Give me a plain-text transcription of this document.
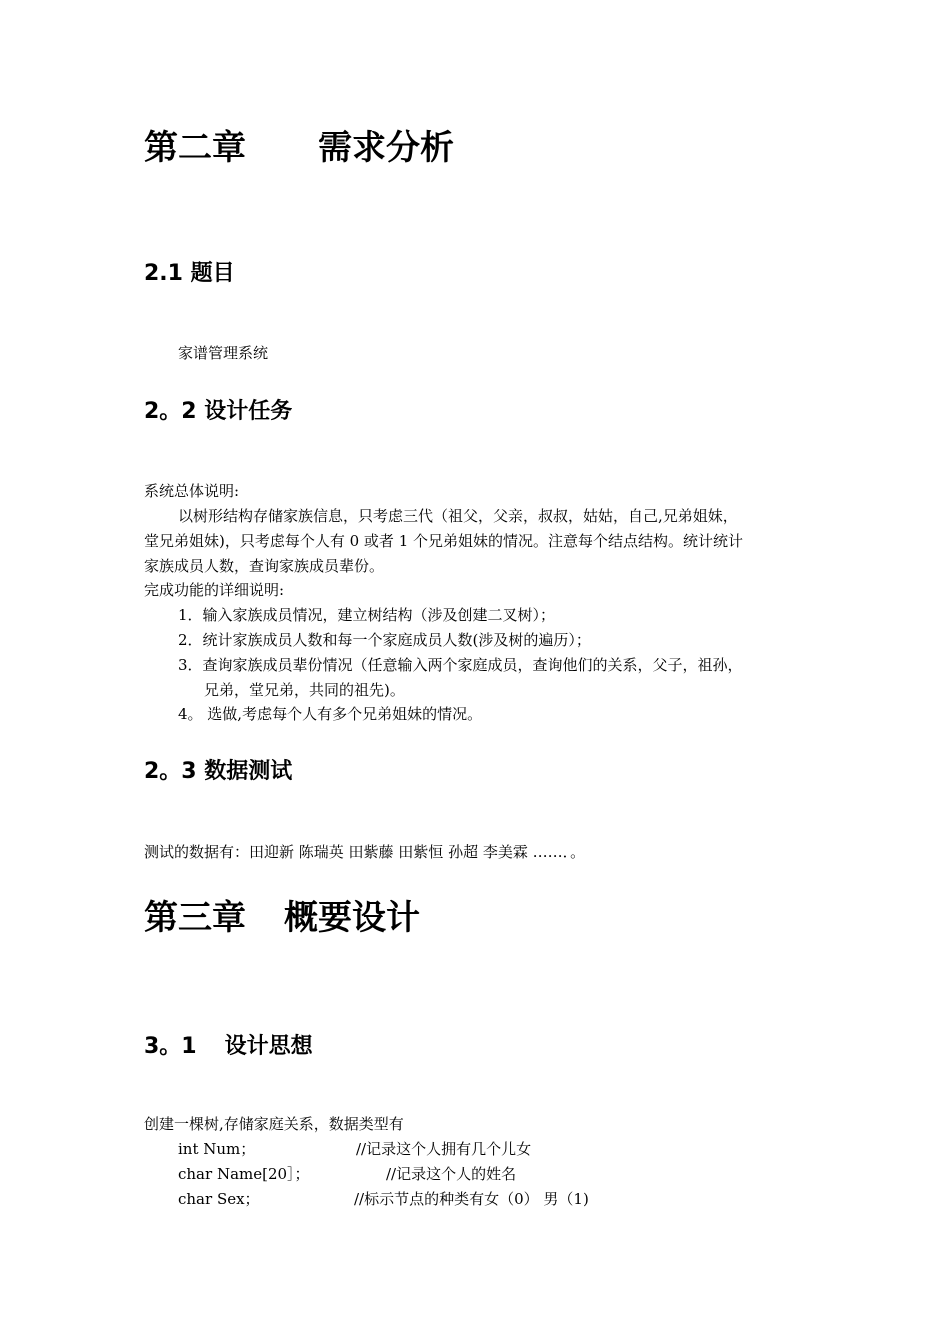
第二章 需求分析
2.1 题目
家谱管理系统
2。2 设计任务
系统总体说明:
以树形结构存储家族信息，只考虑三代（祖父，父亲，叔叔，姑姑，自己,兄弟姐妹，
堂兄弟姐妹)，只考虑每个人有 0 或者 1 个兄弟姐妹的情况。注意每个结点结构。统计统计
家族成员人数，查询家族成员辈份。
完成功能的详细说明:
1．输入家族成员情况，建立树结构（涉及创建二叉树）；
2．统计家族成员人数和每一个家庭成员人数(涉及树的遍历）；
3．查询家族成员辈份情况（任意输入两个家庭成员，查询他们的关系，父子，祖孙，
兄弟，堂兄弟，共同的祖先)。
4。 选做,考虑每个人有多个兄弟姐妹的情况。
2。3 数据测试
测试的数据有：田迎新 陈瑞英 田紫藤 田紫恒 孙超 李美霖 ……．。
第三章 概要设计
3。1 设计思想
创建一棵树,存储家庭关系，数据类型有
int Num；	//记录这个人拥有几个儿女
char Name[20］；	//记录这个人的姓名
char Sex；	//标示节点的种类有女（0） 男（1)
